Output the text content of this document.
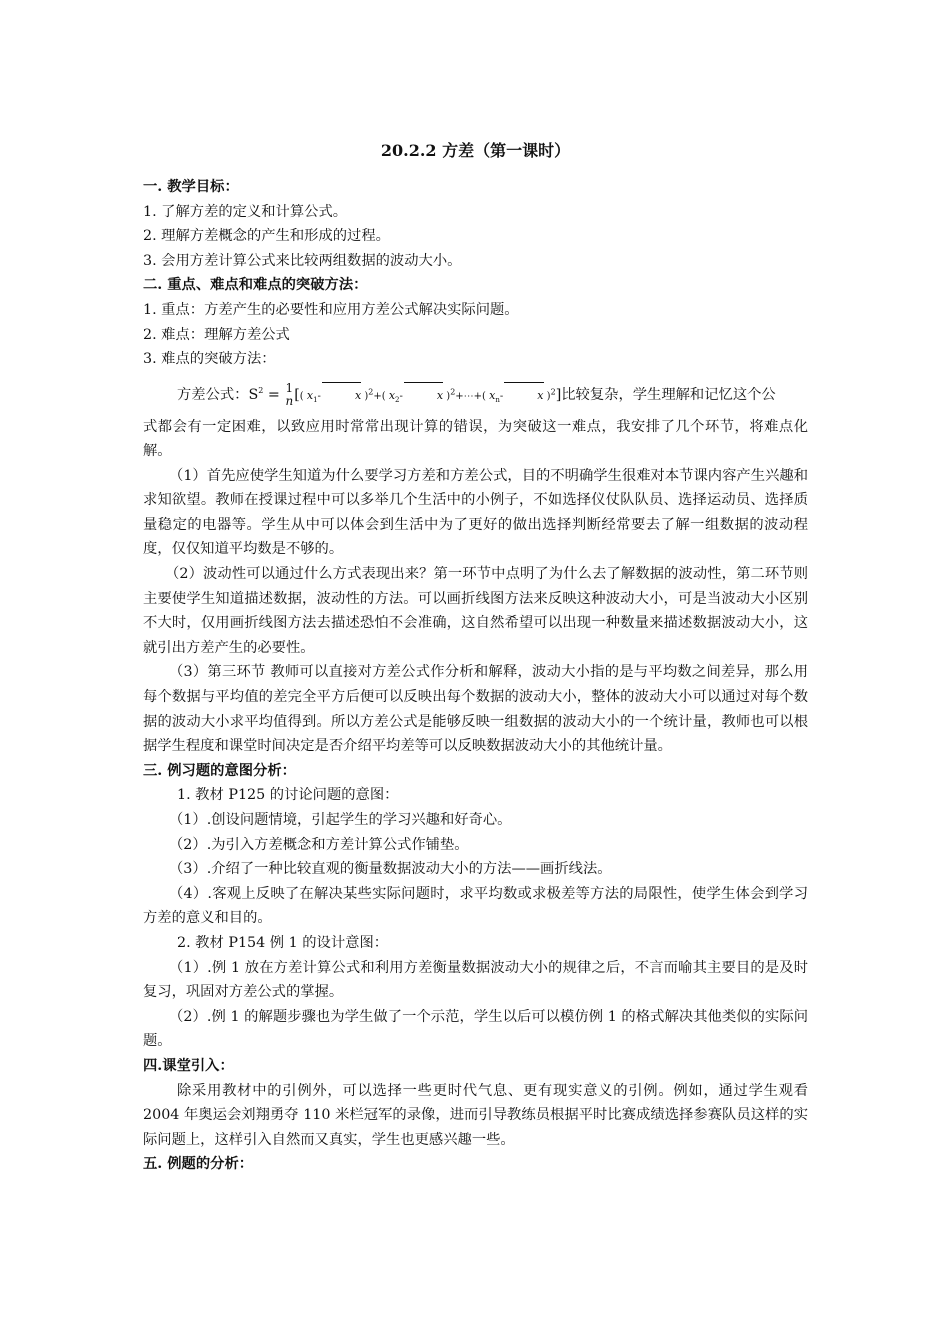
20.2.2 方差（第一课时）

一. 教学目标：

1. 了解方差的定义和计算公式。

2. 理解方差概念的产生和形成的过程。

3. 会用方差计算公式来比较两组数据的波动大小。

二. 重点、难点和难点的突破方法：

1. 重点：方差产生的必要性和应用方差公式解决实际问题。

2. 难点：理解方差公式

3. 难点的突破方法：

方差公式：$S^2 = 1$
n [( $x_1-$	x )$^2$+( $x_2-$	x )$^2$+⋯+( $x_n-$	x )$^2$]比较复杂，学生理解和记忆这个公

式都会有一定困难，以致应用时常常出现计算的错误，为突破这一难点，我安排了几个环节，将难点化解。

（1）首先应使学生知道为什么要学习方差和方差公式，目的不明确学生很难对本节课内容产生兴趣和求知欲望。教师在授课过程中可以多举几个生活中的小例子，不如选择仪仗队队员、选择运动员、选择质量稳定的电器等。学生从中可以体会到生活中为了更好的做出选择判断经常要去了解一组数据的波动程度，仅仅知道平均数是不够的。

（2）波动性可以通过什么方式表现出来？第一环节中点明了为什么去了解数据的波动性，第二环节则主要使学生知道描述数据，波动性的方法。可以画折线图方法来反映这种波动大小，可是当波动大小区别不大时，仅用画折线图方法去描述恐怕不会准确，这自然希望可以出现一种数量来描述数据波动大小，这就引出方差产生的必要性。

（3）第三环节 教师可以直接对方差公式作分析和解释，波动大小指的是与平均数之间差异，那么用每个数据与平均值的差完全平方后便可以反映出每个数据的波动大小，整体的波动大小可以通过对每个数据的波动大小求平均值得到。所以方差公式是能够反映一组数据的波动大小的一个统计量，教师也可以根据学生程度和课堂时间决定是否介绍平均差等可以反映数据波动大小的其他统计量。

三. 例习题的意图分析：

1. 教材 P125 的讨论问题的意图：

（1）.创设问题情境，引起学生的学习兴趣和好奇心。

（2）.为引入方差概念和方差计算公式作铺垫。

（3）.介绍了一种比较直观的衡量数据波动大小的方法——画折线法。

（4）.客观上反映了在解决某些实际问题时，求平均数或求极差等方法的局限性，使学生体会到学习方差的意义和目的。

2. 教材 P154 例 1 的设计意图：

（1）.例 1 放在方差计算公式和利用方差衡量数据波动大小的规律之后，不言而喻其主要目的是及时复习，巩固对方差公式的掌握。

（2）.例 1 的解题步骤也为学生做了一个示范，学生以后可以模仿例 1 的格式解决其他类似的实际问题。

四.课堂引入：

除采用教材中的引例外，可以选择一些更时代气息、更有现实意义的引例。例如，通过学生观看 2004 年奥运会刘翔勇夺 110 米栏冠军的录像，进而引导教练员根据平时比赛成绩选择参赛队员这样的实际问题上，这样引入自然而又真实，学生也更感兴趣一些。

五. 例题的分析：
